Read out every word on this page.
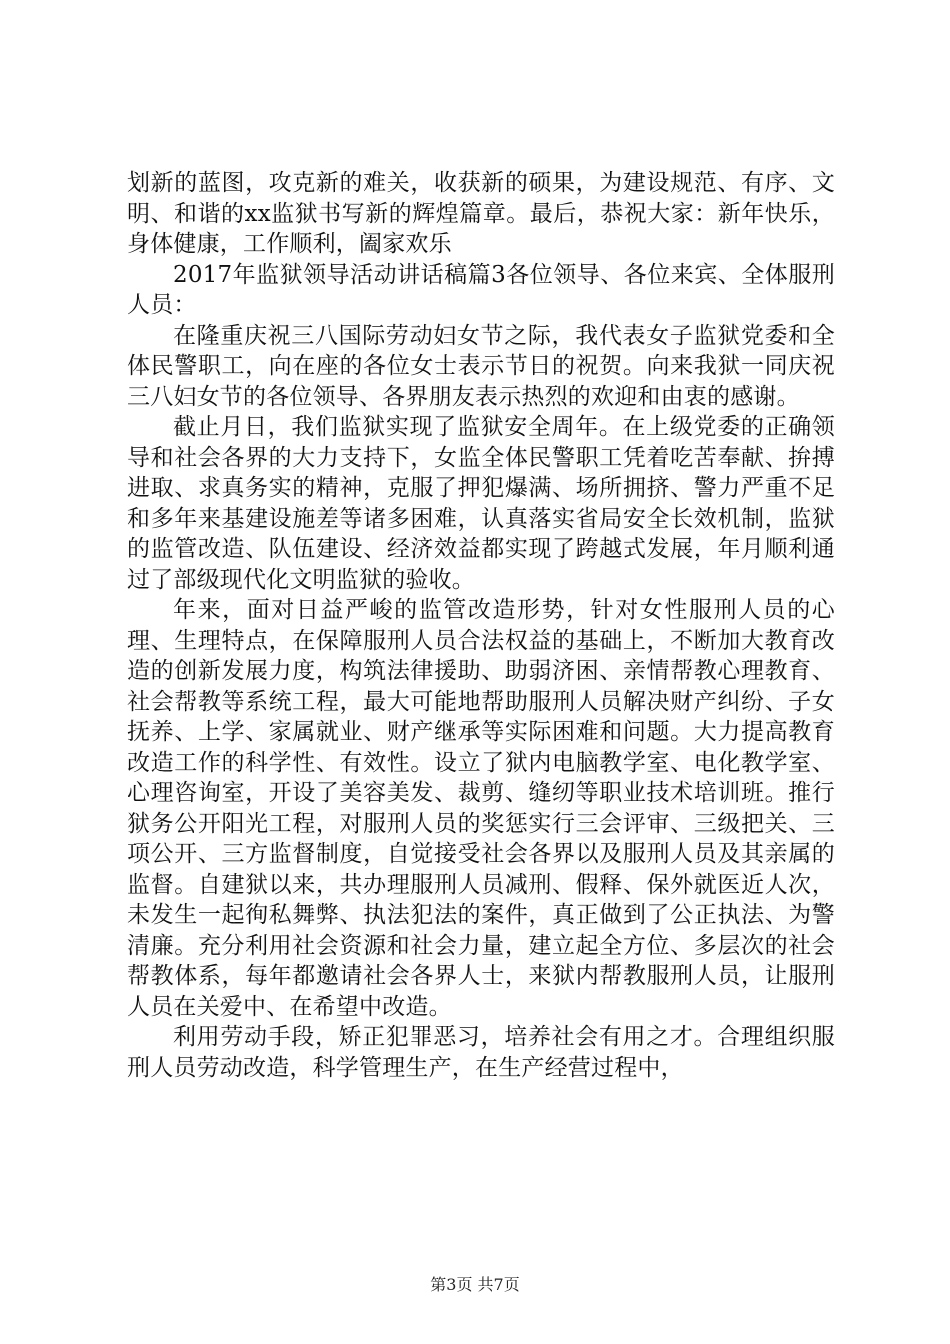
划新的蓝图，攻克新的难关，收获新的硕果，为建设规范、有序、文明、和谐的xx监狱书写新的辉煌篇章。最后，恭祝大家：新年快乐，身体健康，工作顺利，阖家欢乐

2017年监狱领导活动讲话稿篇3各位领导、各位来宾、全体服刑人员：

在隆重庆祝三八国际劳动妇女节之际，我代表女子监狱党委和全体民警职工，向在座的各位女士表示节日的祝贺。向来我狱一同庆祝三八妇女节的各位领导、各界朋友表示热烈的欢迎和由衷的感谢。

截止月日，我们监狱实现了监狱安全周年。在上级党委的正确领导和社会各界的大力支持下，女监全体民警职工凭着吃苦奉献、拚搏进取、求真务实的精神，克服了押犯爆满、场所拥挤、警力严重不足和多年来基建设施差等诸多困难，认真落实省局安全长效机制，监狱的监管改造、队伍建设、经济效益都实现了跨越式发展，年月顺利通过了部级现代化文明监狱的验收。

年来，面对日益严峻的监管改造形势，针对女性服刑人员的心理、生理特点，在保障服刑人员合法权益的基础上，不断加大教育改造的创新发展力度，构筑法律援助、助弱济困、亲情帮教心理教育、社会帮教等系统工程，最大可能地帮助服刑人员解决财产纠纷、子女抚养、上学、家属就业、财产继承等实际困难和问题。大力提高教育改造工作的科学性、有效性。设立了狱内电脑教学室、电化教学室、心理咨询室，开设了美容美发、裁剪、缝纫等职业技术培训班。推行狱务公开阳光工程，对服刑人员的奖惩实行三会评审、三级把关、三项公开、三方监督制度，自觉接受社会各界以及服刑人员及其亲属的监督。自建狱以来，共办理服刑人员减刑、假释、保外就医近人次，未发生一起徇私舞弊、执法犯法的案件，真正做到了公正执法、为警清廉。充分利用社会资源和社会力量，建立起全方位、多层次的社会帮教体系，每年都邀请社会各界人士，来狱内帮教服刑人员，让服刑人员在关爱中、在希望中改造。

利用劳动手段，矫正犯罪恶习，培养社会有用之才。合理组织服刑人员劳动改造，科学管理生产，在生产经营过程中，

第3页 共7页
